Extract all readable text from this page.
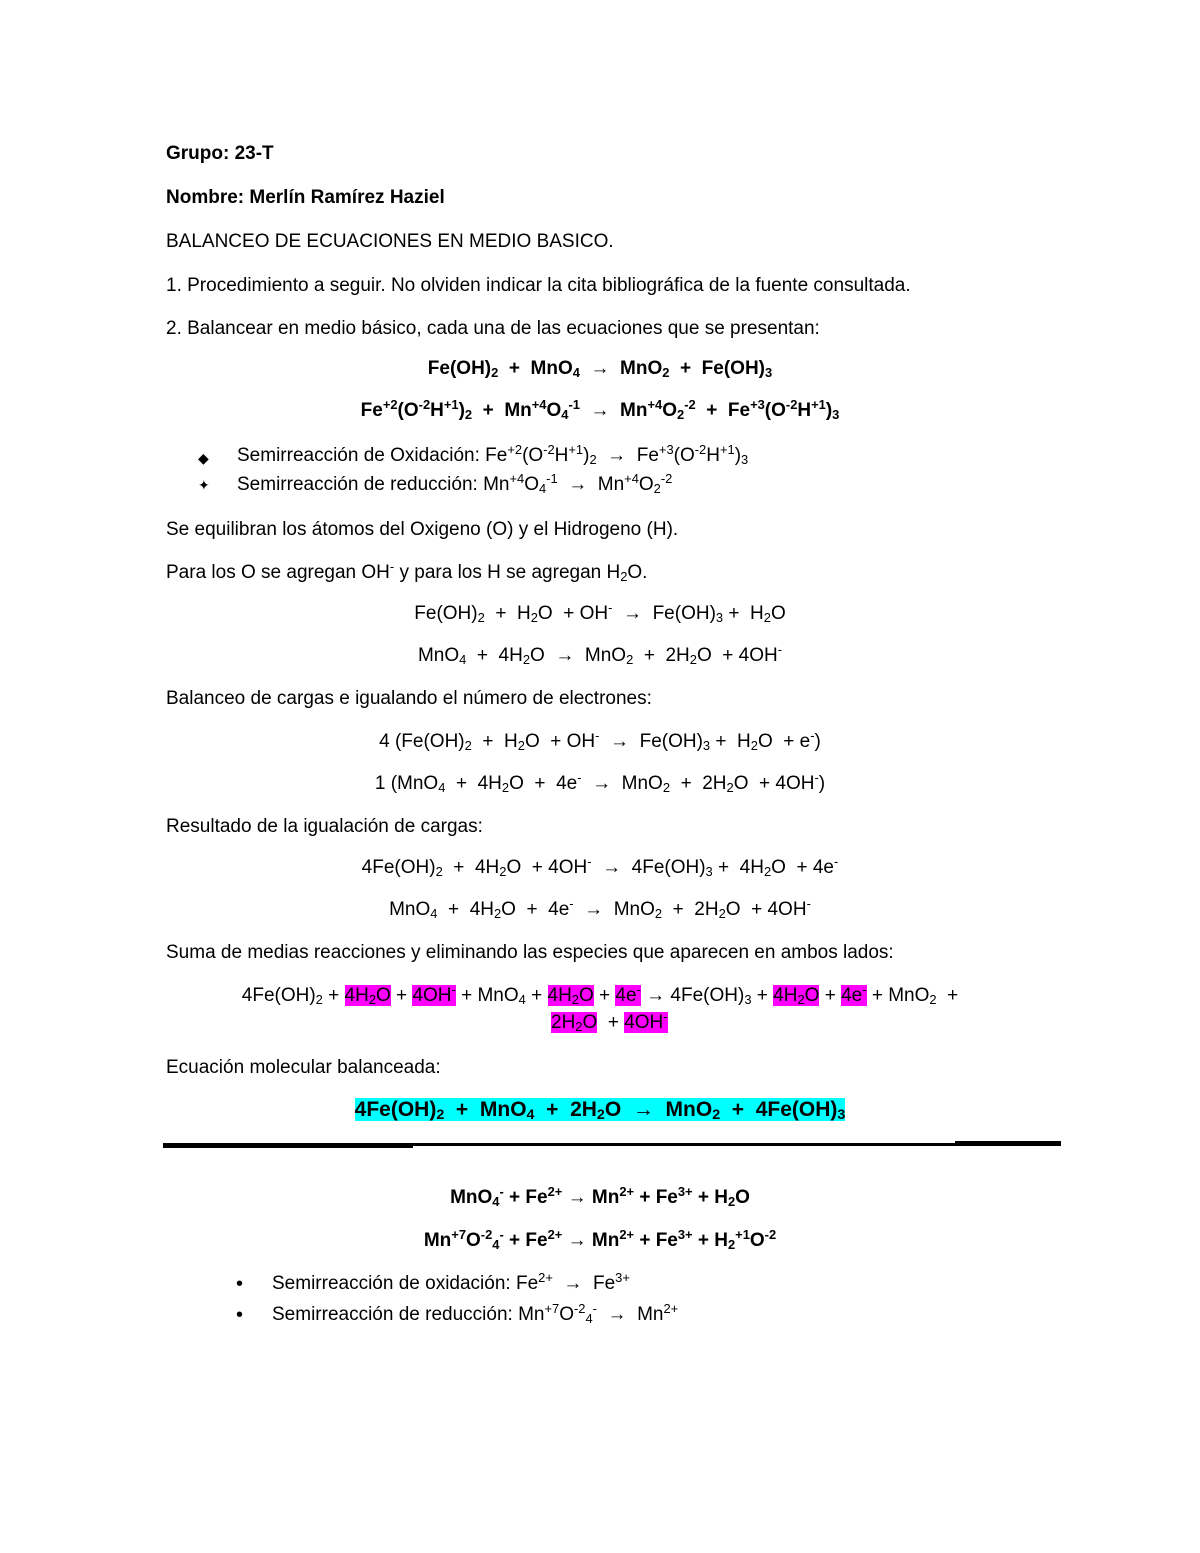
Grupo: 23-T
Nombre: Merlín Ramírez Haziel
BALANCEO DE ECUACIONES EN MEDIO BASICO.
1. Procedimiento a seguir. No olviden indicar la cita bibliográfica de la fuente consultada.
2. Balancear en medio básico, cada una de las ecuaciones que se presentan:
$Fe(OH)_2 + MnO_4 \to MnO_2 + Fe(OH)_3$
$Fe^{+2}(O^{-2}H^{+1})_2 + Mn^{+4}O_4^{-1} \to Mn^{+4}O_2^{-2} + Fe^{+3}(O^{-2}H^{+1})_3$
◆ Semirreacción de Oxidación: $Fe^{+2}(O^{-2}H^{+1})_2 \to Fe^{+3}(O^{-2}H^{+1})_3$
✦ Semirreacción de reducción: $Mn^{+4}O_4^{-1} \to Mn^{+4}O_2^{-2}$
Se equilibran los átomos del Oxigeno (O) y el Hidrogeno (H).
Para los O se agregan OH- y para los H se agregan $H_2O$.
$Fe(OH)_2 + H_2O + OH^- \to Fe(OH)_3 + H_2O$
$MnO_4 + 4H_2O \to MnO_2 + 2H_2O + 4OH^-$
Balanceo de cargas e igualando el número de electrones:
4 $(Fe(OH)_2 + H_2O + OH^- \to Fe(OH)_3 + H_2O + e^-)$
1 $(MnO_4 + 4H_2O + 4e^- \to MnO_2 + 2H_2O + 4OH^-)$
Resultado de la igualación de cargas:
$4Fe(OH)_2 + 4H_2O + 4OH^- \to 4Fe(OH)_3 + 4H_2O + 4e^-$
$MnO_4 + 4H_2O + 4e^- \to MnO_2 + 2H_2O + 4OH^-$
Suma de medias reacciones y eliminando las especies que aparecen en ambos lados:
$4Fe(OH)_2 + 4H_2O + 4OH^- + MnO_4 + 4H_2O + 4e^- \to 4Fe(OH)_3 + 4H_2O + 4e^- + MnO_2$  +
$2H_2O + 4OH^-$
Ecuación molecular balanceada:
$4Fe(OH)_2 + MnO_4 + 2H_2O \to MnO_2 + 4Fe(OH)_3$
$MnO_4^- + Fe^{2+} \to Mn^{2+} + Fe^{3+} + H_2O$
$Mn^{+7}O^{-2}_4^- + Fe^{2+} \to Mn^{2+} + Fe^{3+} + H_2^{+1}O^{-2}$
• Semirreacción de oxidación: $Fe^{2+} \to Fe^{3+}$
• Semirreacción de reducción: $Mn^{+7}O^{-2}_4^- \to Mn^{2+}$
